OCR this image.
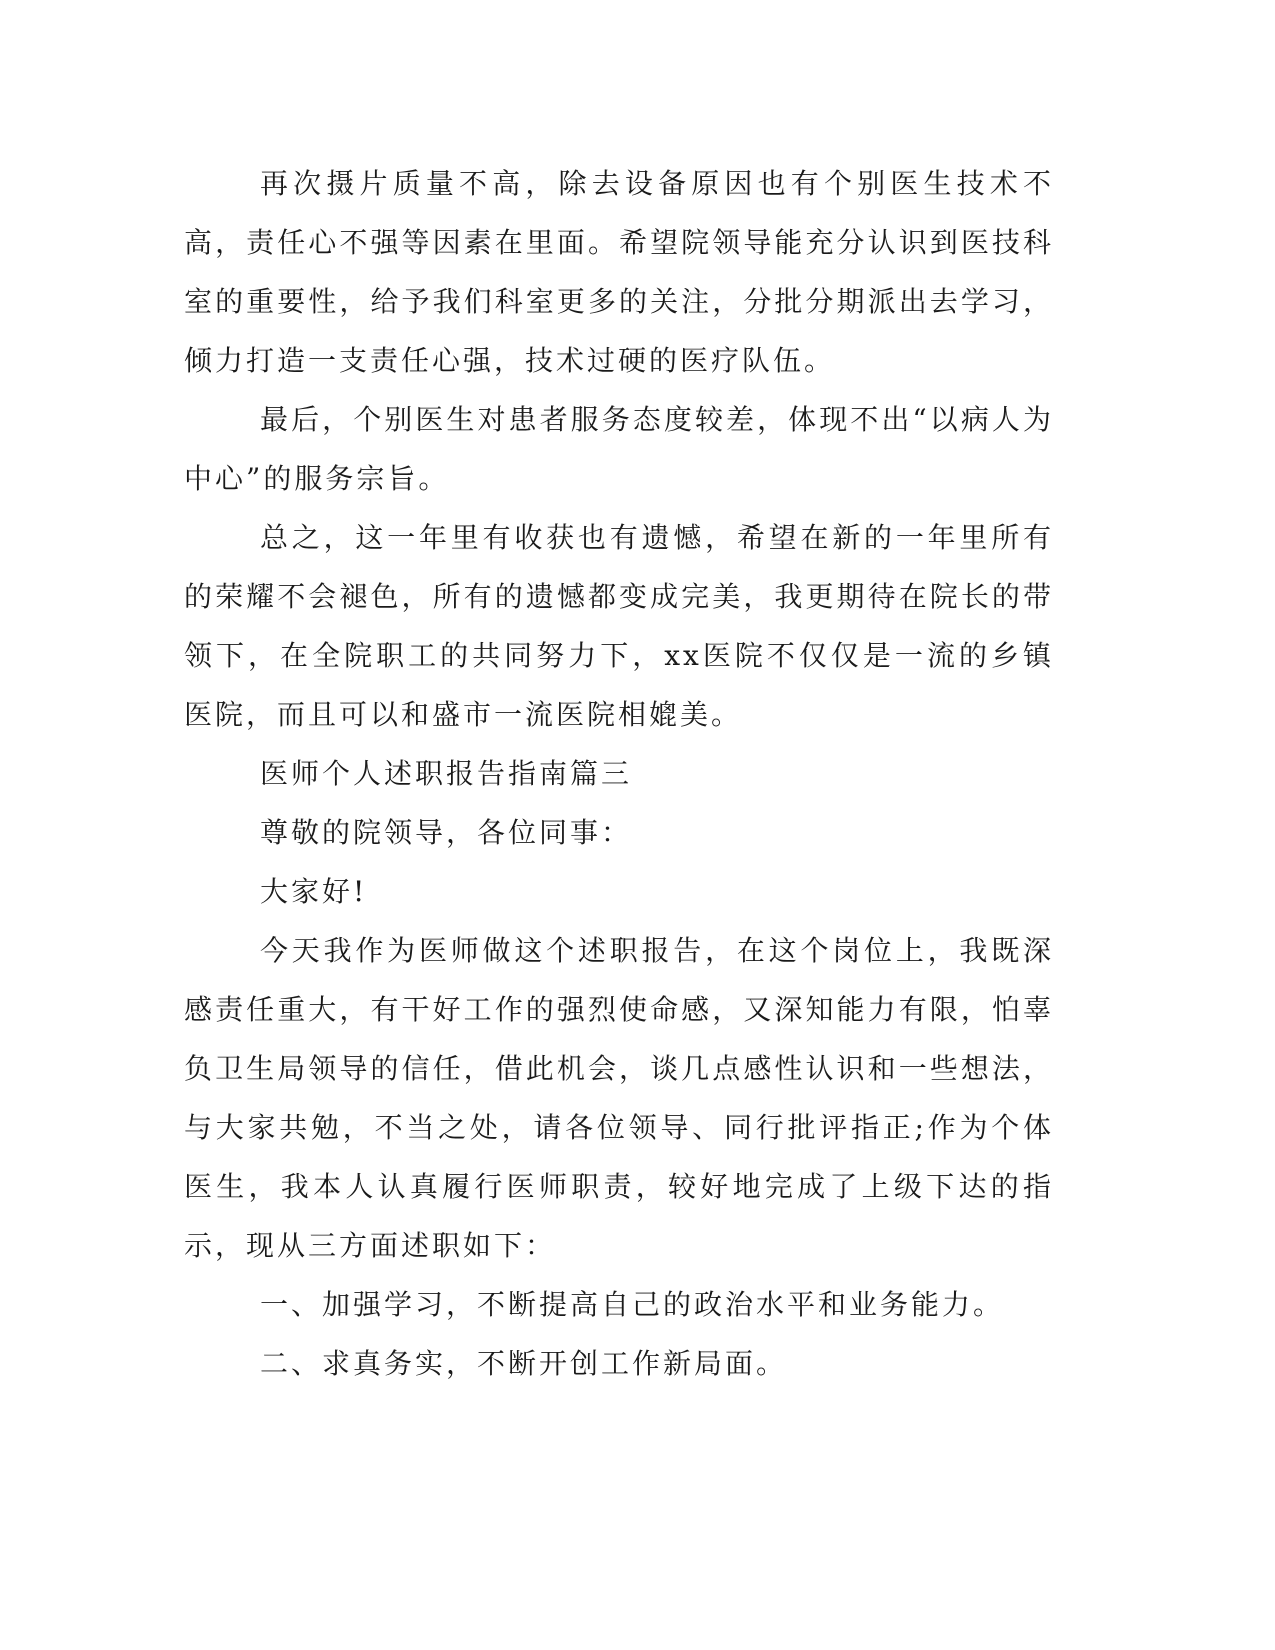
再次摄片质量不高，除去设备原因也有个别医生技术不高，责任心不强等因素在里面。希望院领导能充分认识到医技科室的重要性，给予我们科室更多的关注，分批分期派出去学习，倾力打造一支责任心强，技术过硬的医疗队伍。

最后，个别医生对患者服务态度较差，体现不出“以病人为中心”的服务宗旨。

总之，这一年里有收获也有遗憾，希望在新的一年里所有的荣耀不会褪色，所有的遗憾都变成完美，我更期待在院长的带领下，在全院职工的共同努力下，xx医院不仅仅是一流的乡镇医院，而且可以和盛市一流医院相媲美。

医师个人述职报告指南篇三

尊敬的院领导，各位同事：

大家好!

今天我作为医师做这个述职报告，在这个岗位上，我既深感责任重大，有干好工作的强烈使命感，又深知能力有限，怕辜负卫生局领导的信任，借此机会，谈几点感性认识和一些想法，与大家共勉，不当之处，请各位领导、同行批评指正;作为个体医生，我本人认真履行医师职责，较好地完成了上级下达的指示，现从三方面述职如下：

一、加强学习，不断提高自己的政治水平和业务能力。

二、求真务实，不断开创工作新局面。
